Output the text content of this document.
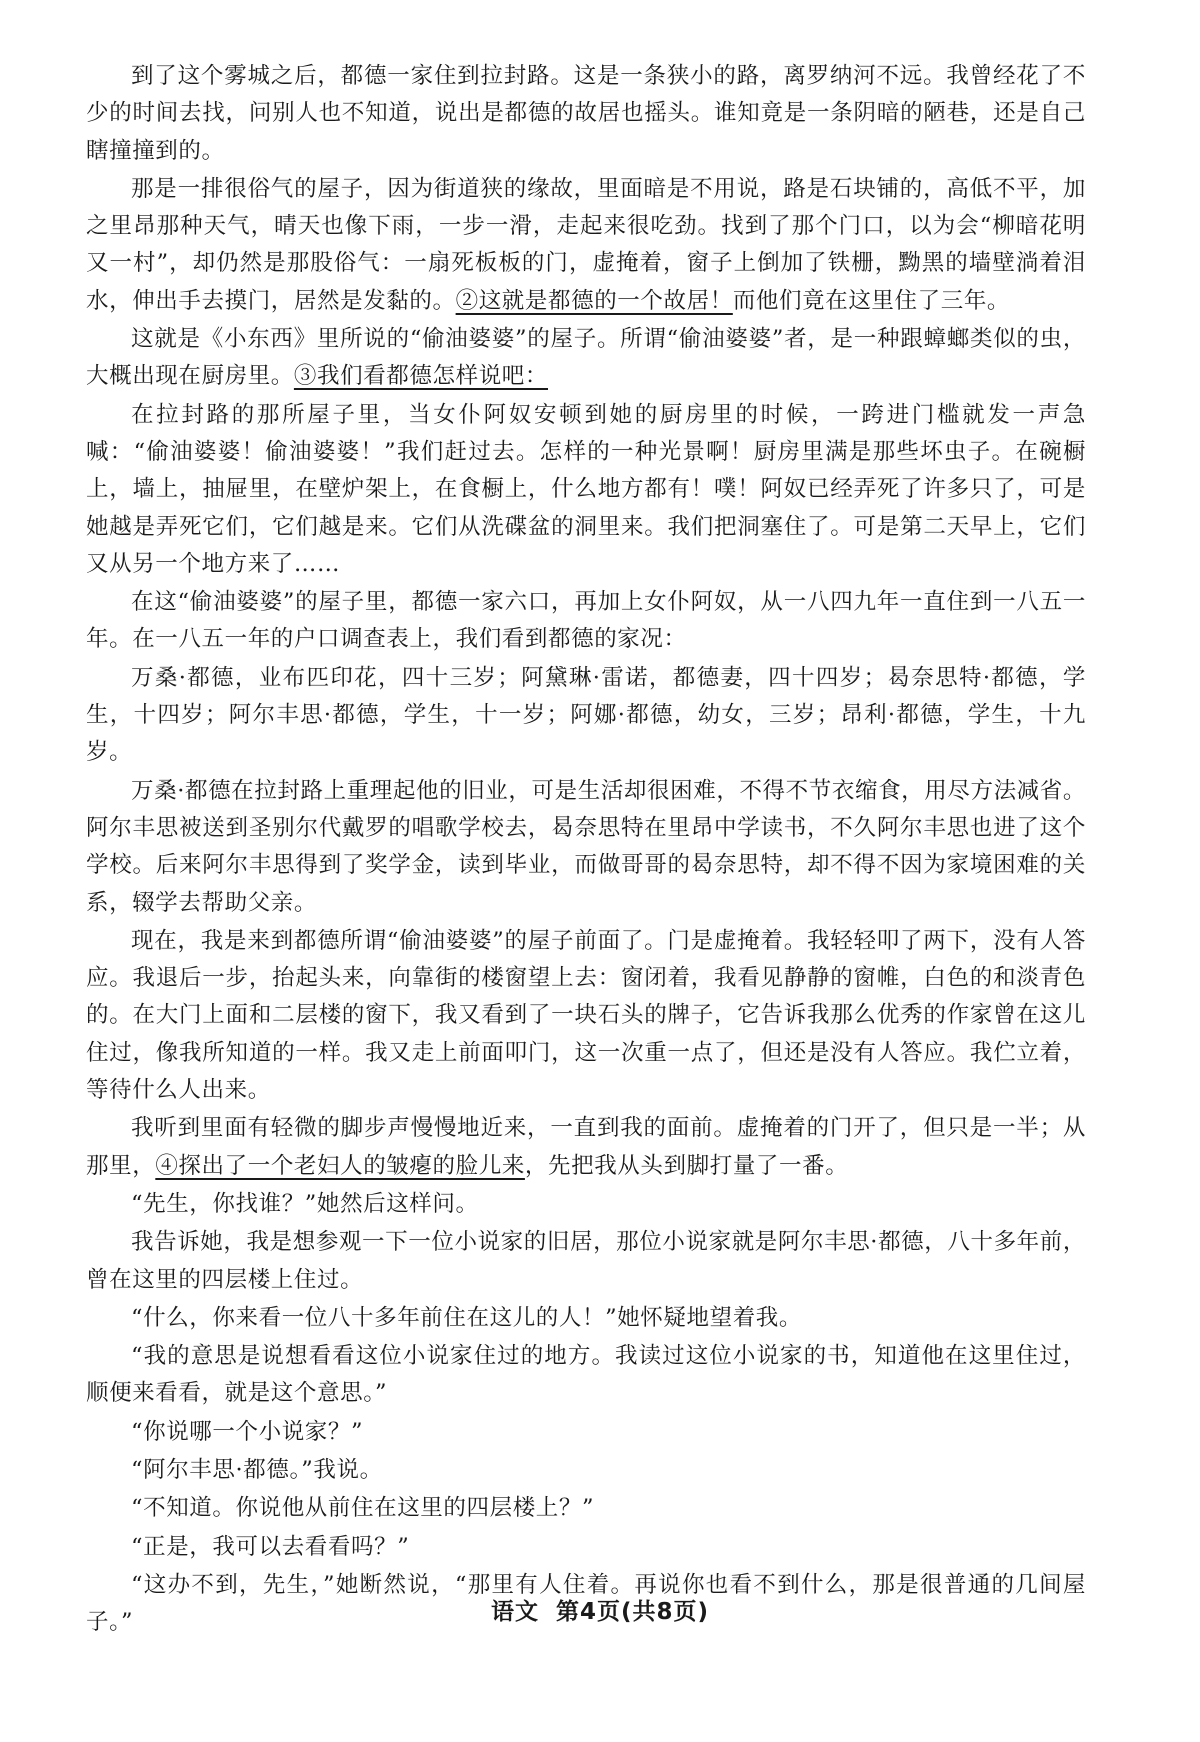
到了这个雾城之后，都德一家住到拉封路。这是一条狭小的路，离罗纳河不远。我曾经花了不少的时间去找，问别人也不知道，说出是都德的故居也摇头。谁知竟是一条阴暗的陋巷，还是自己瞎撞撞到的。

那是一排很俗气的屋子，因为街道狭的缘故，里面暗是不用说，路是石块铺的，高低不平，加之里昂那种天气，晴天也像下雨，一步一滑，走起来很吃劲。找到了那个门口，以为会“柳暗花明又一村”，却仍然是那股俗气：一扇死板板的门，虚掩着，窗子上倒加了铁栅，黝黑的墙壁淌着泪水，伸出手去摸门，居然是发黏的。②这就是都德的一个故居！而他们竟在这里住了三年。

这就是《小东西》里所说的“偷油婆婆”的屋子。所谓“偷油婆婆”者，是一种跟蟑螂类似的虫，大概出现在厨房里。③我们看都德怎样说吧：

在拉封路的那所屋子里，当女仆阿奴安顿到她的厨房里的时候，一跨进门槛就发一声急喊：“偷油婆婆！偷油婆婆！”我们赶过去。怎样的一种光景啊！厨房里满是那些坏虫子。在碗橱上，墙上，抽屉里，在壁炉架上，在食橱上，什么地方都有！噗！阿奴已经弄死了许多只了，可是她越是弄死它们，它们越是来。它们从洗碟盆的洞里来。我们把洞塞住了。可是第二天早上，它们又从另一个地方来了……

在这“偷油婆婆”的屋子里，都德一家六口，再加上女仆阿奴，从一八四九年一直住到一八五一年。在一八五一年的户口调查表上，我们看到都德的家况：

万桑·都德，业布匹印花，四十三岁；阿黛琳·雷诺，都德妻，四十四岁；曷奈思特·都德，学生，十四岁；阿尔丰思·都德，学生，十一岁；阿娜·都德，幼女，三岁；昂利·都德，学生，十九岁。

万桑·都德在拉封路上重理起他的旧业，可是生活却很困难，不得不节衣缩食，用尽方法减省。阿尔丰思被送到圣别尔代戴罗的唱歌学校去，曷奈思特在里昂中学读书，不久阿尔丰思也进了这个学校。后来阿尔丰思得到了奖学金，读到毕业，而做哥哥的曷奈思特，却不得不因为家境困难的关系，辍学去帮助父亲。

现在，我是来到都德所谓“偷油婆婆”的屋子前面了。门是虚掩着。我轻轻叩了两下，没有人答应。我退后一步，抬起头来，向靠街的楼窗望上去：窗闭着，我看见静静的窗帷，白色的和淡青色的。在大门上面和二层楼的窗下，我又看到了一块石头的牌子，它告诉我那么优秀的作家曾在这儿住过，像我所知道的一样。我又走上前面叩门，这一次重一点了，但还是没有人答应。我伫立着，等待什么人出来。

我听到里面有轻微的脚步声慢慢地近来，一直到我的面前。虚掩着的门开了，但只是一半；从那里，④探出了一个老妇人的皱瘪的脸儿来，先把我从头到脚打量了一番。

“先生，你找谁？”她然后这样问。

我告诉她，我是想参观一下一位小说家的旧居，那位小说家就是阿尔丰思·都德，八十多年前，曾在这里的四层楼上住过。

“什么，你来看一位八十多年前住在这儿的人！”她怀疑地望着我。

“我的意思是说想看看这位小说家住过的地方。我读过这位小说家的书，知道他在这里住过，顺便来看看，就是这个意思。”

“你说哪一个小说家？”

“阿尔丰思·都德。”我说。

“不知道。你说他从前住在这里的四层楼上？”

“正是，我可以去看看吗？”

“这办不到，先生，”她断然说，“那里有人住着。再说你也看不到什么，那是很普通的几间屋子。”	语文 第4页(共8页)
